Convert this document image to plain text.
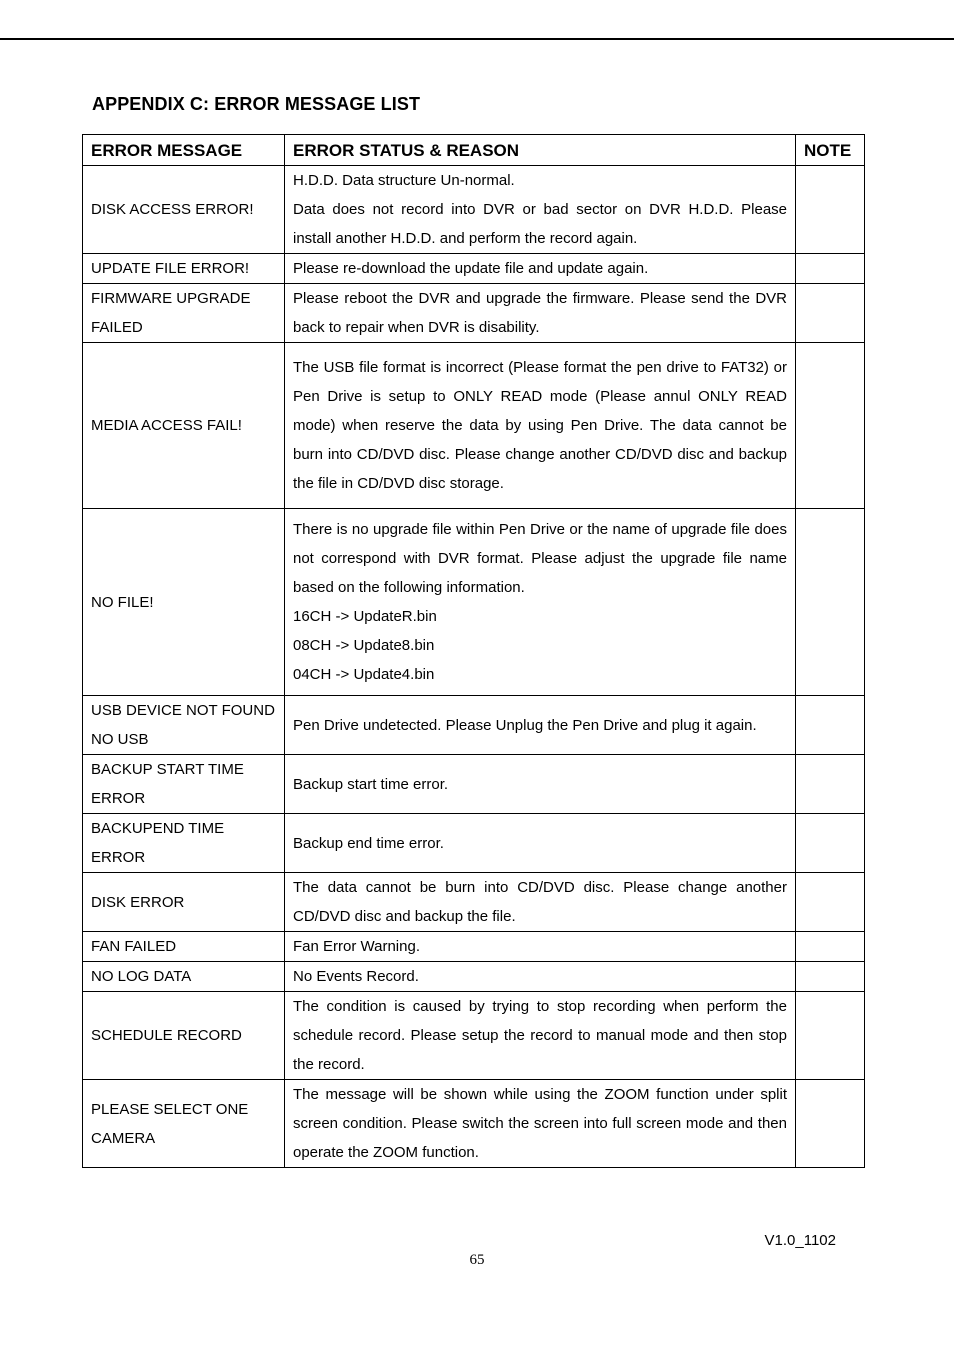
APPENDIX C: ERROR MESSAGE LIST
ERROR MESSAGE	ERROR STATUS & REASON	NOTE
DISK ACCESS ERROR!	H.D.D. Data structure Un-normal.
Data does not record into DVR or bad sector on DVR H.D.D. Please install another H.D.D. and perform the record again.	

UPDATE FILE ERROR!	Please re-download the update file and update again.	

FIRMWARE UPGRADE FAILED	Please reboot the DVR and upgrade the firmware. Please send the DVR back to repair when DVR is disability.	

MEDIA ACCESS FAIL!	The USB file format is incorrect (Please format the pen drive to FAT32) or Pen Drive is setup to ONLY READ mode (Please annul ONLY READ mode) when reserve the data by using Pen Drive. The data cannot be burn into CD/DVD disc. Please change another CD/DVD disc and backup the file in CD/DVD disc storage.	

NO FILE!	There is no upgrade file within Pen Drive or the name of upgrade file does not correspond with DVR format. Please adjust the upgrade file name based on the following information.
16CH -> UpdateR.bin
08CH -> Update8.bin
04CH -> Update4.bin	

USB DEVICE NOT FOUND NO USB	Pen Drive undetected. Please Unplug the Pen Drive and plug it again.	

BACKUP START TIME ERROR	Backup start time error.	

BACKUPEND TIME ERROR	Backup end time error.	

DISK ERROR	The data cannot be burn into CD/DVD disc. Please change another CD/DVD disc and backup the file.	

FAN FAILED	Fan Error Warning.	

NO LOG DATA	No Events Record.	

SCHEDULE RECORD	The condition is caused by trying to stop recording when perform the schedule record. Please setup the record to manual mode and then stop the record.	

PLEASE SELECT ONE CAMERA	The message will be shown while using the ZOOM function under split screen condition. Please switch the screen into full screen mode and then operate the ZOOM function.	

V1.0_1102
65
